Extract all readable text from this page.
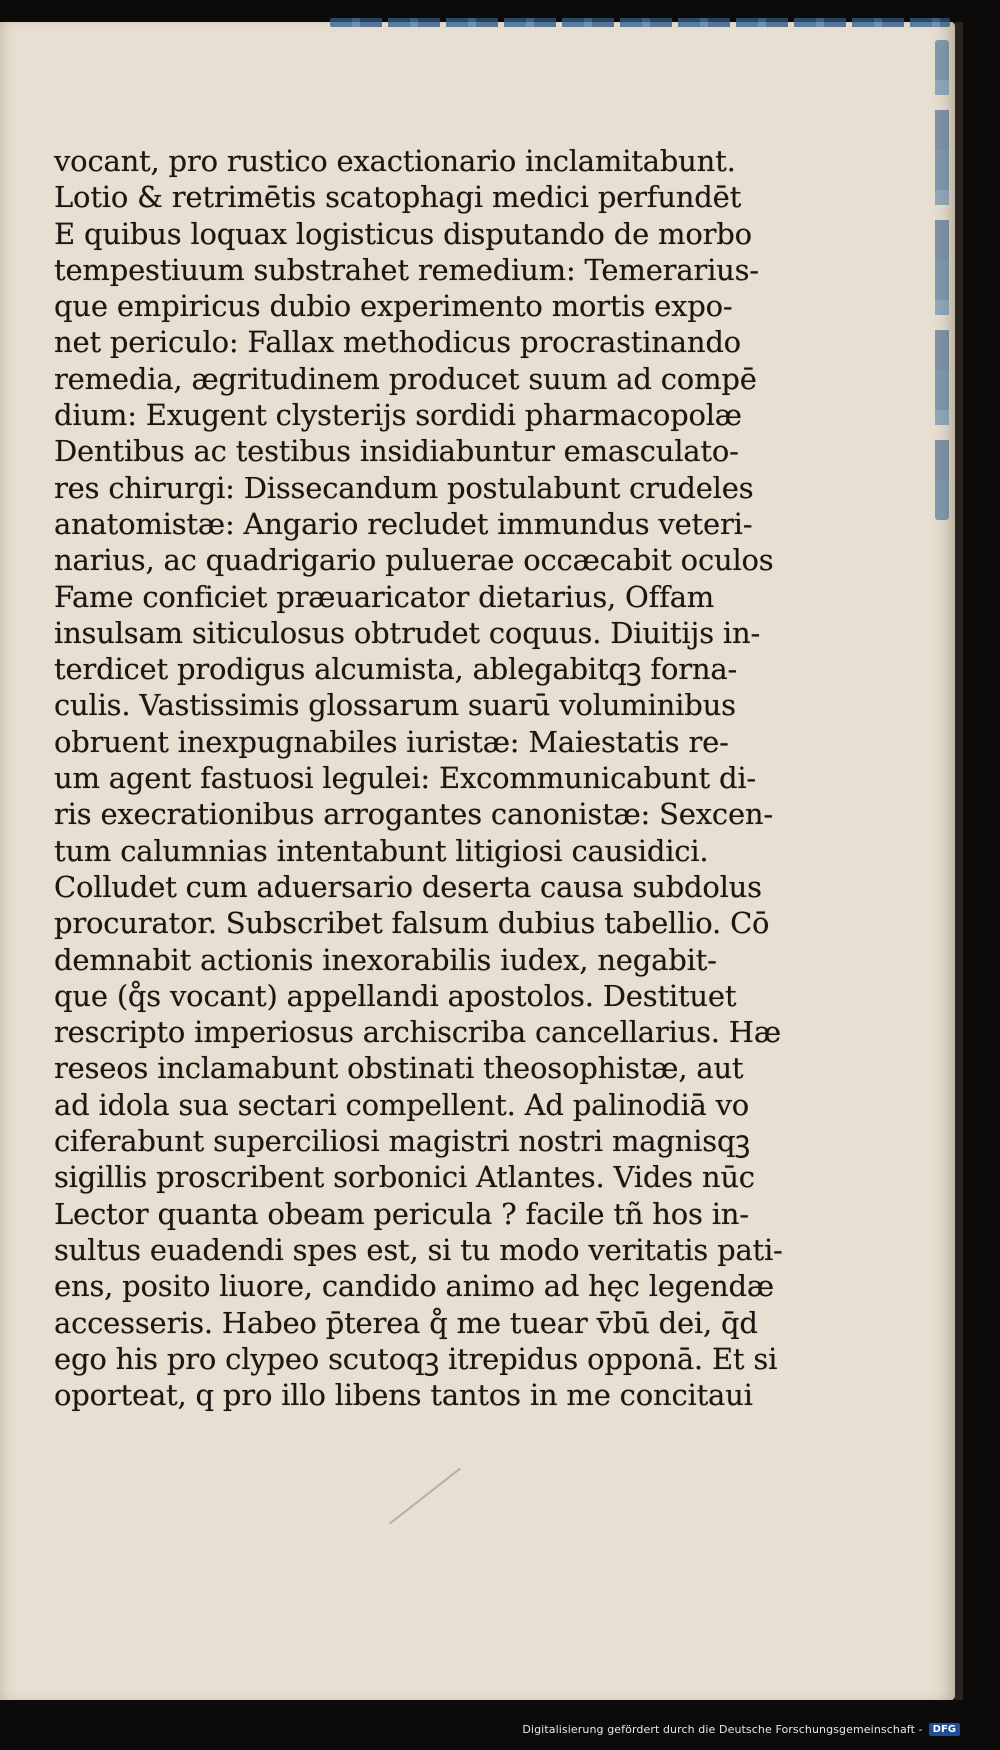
vocant, pro rustico exactionario inclamitabunt.
Lotio & retrimētis scatophagi medici perfundēt
E quibus loquax logisticus disputando de morbo
tempestiuum substrahet remedium: Temerarius-
que empiricus dubio experimento mortis expo-
net periculo: Fallax methodicus procrastinando
remedia, ægritudinem producet suum ad compē
dium: Exugent clysterijs sordidi pharmacopolæ
Dentibus ac testibus insidiabuntur emasculato-
res chirurgi: Dissecandum postulabunt crudeles
anatomistæ: Angario recludet immundus veteri-
narius, ac quadrigario puluerae occæcabit oculos
Fame conficiet præuaricator dietarius, Offam
insulsam siticulosus obtrudet coquus. Diuitijs in-
terdicet prodigus alcumista, ablegabitqꝫ forna-
culis. Vastissimis glossarum suarū voluminibus
obruent inexpugnabiles iuristæ: Maiestatis re-
um agent fastuosi legulei: Excommunicabunt di-
ris execrationibus arrogantes canonistæ: Sexcen-
tum calumnias intentabunt litigiosi causidici.
Colludet cum aduersario deserta causa subdolus
procurator. Subscribet falsum dubius tabellio. Cō
demnabit actionis inexorabilis iudex, negabit-
que (q̊s vocant) appellandi apostolos. Destituet
rescripto imperiosus archiscriba cancellarius. Hæ
reseos inclamabunt obstinati theosophistæ, aut
ad idola sua sectari compellent. Ad palinodiā vo
ciferabunt superciliosi magistri nostri magnisqꝫ
sigillis proscribent sorbonici Atlantes. Vides nūc
Lector quanta obeam pericula ? facile tñ hos in-
sultus euadendi spes est, si tu modo veritatis pati-
ens, posito liuore, candido animo ad hęc legendæ
accesseris. Habeo p̄terea q̊ me tuear v̄bū dei, q̄d
ego his pro clypeo scutoqꝫ itrepidus opponā. Et si
oporteat, q pro illo libens tantos in me concitaui
Digitalisierung gefördert durch die Deutsche Forschungsgemeinschaft -	DFG
